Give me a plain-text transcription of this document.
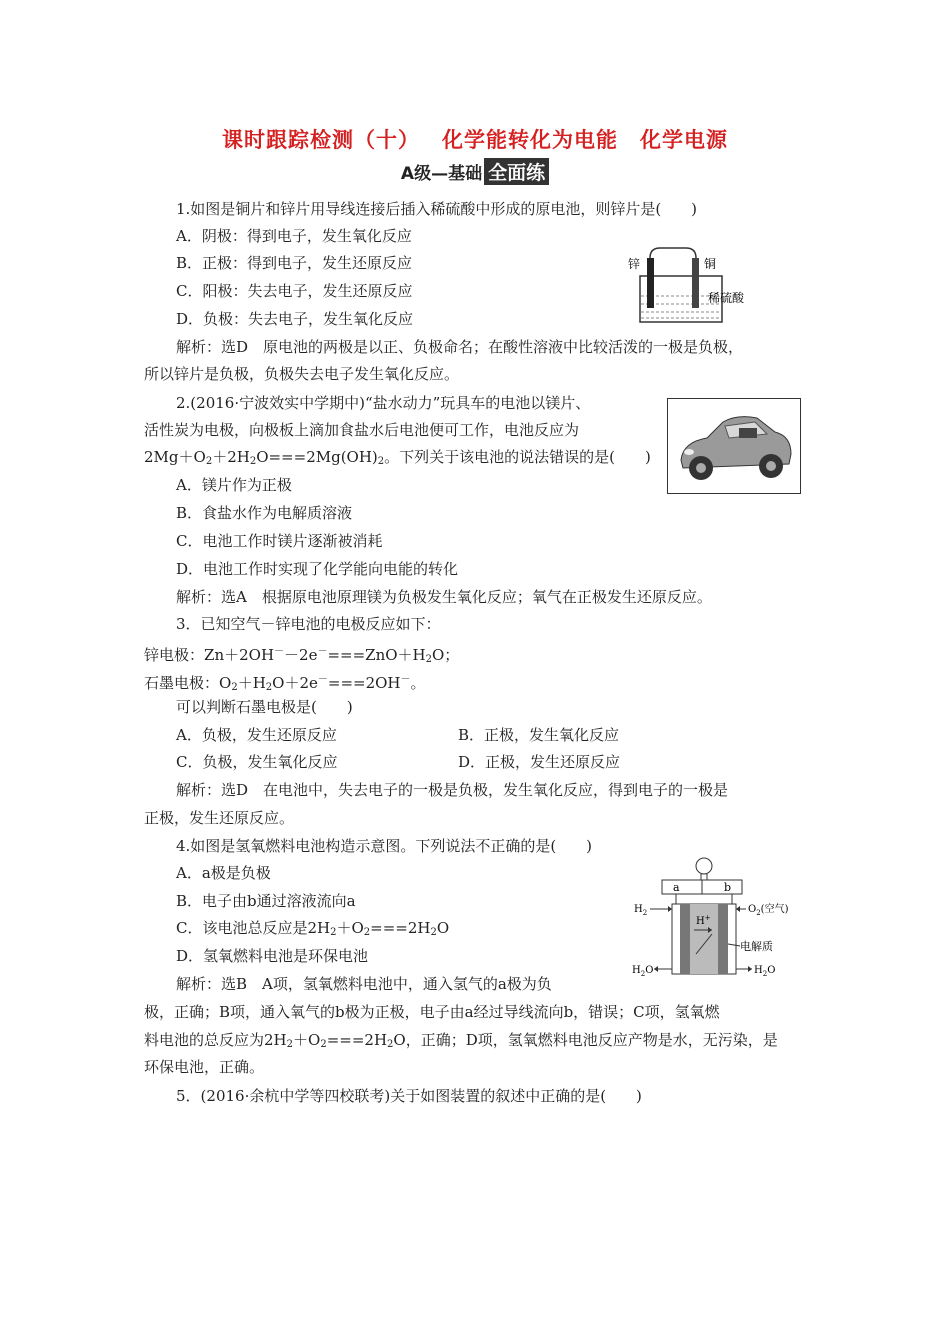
课时跟踪检测（十） 化学能转化为电能 化学电源
A级—基础 全面练
1.如图是铜片和锌片用导线连接后插入稀硫酸中形成的原电池，则锌片是(　　)
A．阴极：得到电子，发生氧化反应
B．正极：得到电子，发生还原反应
C．阳极：失去电子，发生还原反应
D．负极：失去电子，发生氧化反应
解析：选D　原电池的两极是以正、负极命名；在酸性溶液中比较活泼的一极是负极，
所以锌片是负极，负极失去电子发生氧化反应。
锌	铜
稀硫酸
2.(2016·宁波效实中学期中)“盐水动力”玩具车的电池以镁片、
活性炭为电极，向极板上滴加食盐水后电池便可工作，电池反应为
$2Mg+O_2+2H_2O===2Mg(OH)_2$。下列关于该电池的说法错误的是(　　)
A．镁片作为正极
B．食盐水作为电解质溶液
C．电池工作时镁片逐渐被消耗
D．电池工作时实现了化学能向电能的转化
解析：选A　根据原电池原理镁为负极发生氧化反应；氧气在正极发生还原反应。
3．已知空气－锌电池的电极反应如下：
锌电极：$Zn+2OH^--2e^-===ZnO+H_2O$；
石墨电极：$O_2+H_2O+2e^-===2OH^-$。
可以判断石墨电极是(　　)
A．负极，发生还原反应	B．正极，发生氧化反应
C．负极，发生氧化反应	D．正极，发生还原反应
解析：选D　在电池中，失去电子的一极是负极，发生氧化反应，得到电子的一极是
正极，发生还原反应。
4.如图是氢氧燃料电池构造示意图。下列说法不正确的是(　　)
A．a极是负极
B．电子由b通过溶液流向a
C．该电池总反应是$2H_2+O_2===2H_2O$
D．氢氧燃料电池是环保电池
解析：选B　A项，氢氧燃料电池中，通入氢气的a极为负
极，正确；B项，通入氧气的b极为正极，电子由a经过导线流向b，错误；C项，氢氧燃
料电池的总反应为$2H_2+O_2===2H_2O$，正确；D项，氢氧燃料电池反应产物是水，无污染，是
环保电池，正确。
a	b
H+
$H_2$	$O_2$(空气)
电解质
$H_2O$	$H_2O$
5．(2016·余杭中学等四校联考)关于如图装置的叙述中正确的是(　　)
